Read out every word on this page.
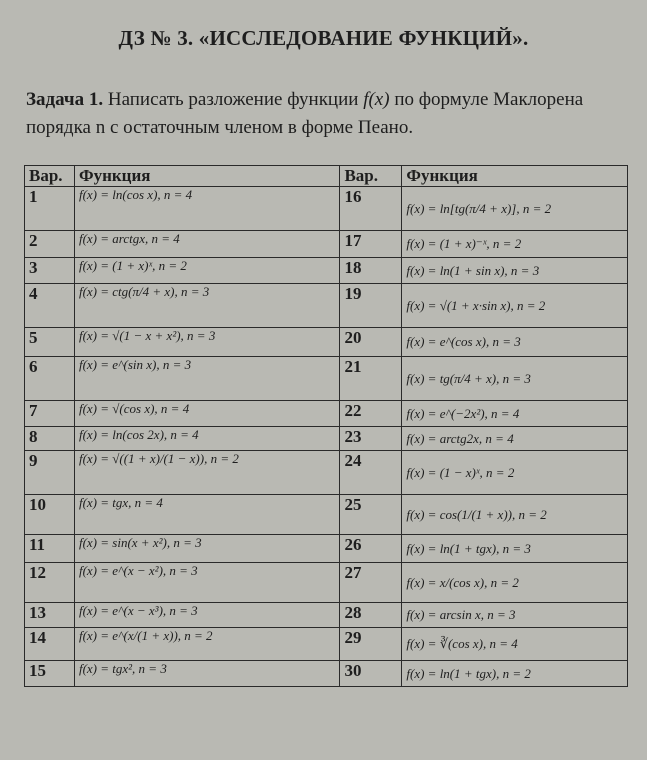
ДЗ № 3. «ИССЛЕДОВАНИЕ ФУНКЦИЙ».
Задача 1. Написать разложение функции f(x) по формуле Маклорена порядка n с остаточным членом в форме Пеано.
Вар.	Функция	Вар.	Функция
1	f(x) = ln(cos x), n = 4	16	f(x) = ln[tg(π/4 + x)], n = 2
2	f(x) = arctgx, n = 4	17	f(x) = (1 + x)⁻ˣ, n = 2
3	f(x) = (1 + x)ˣ, n = 2	18	f(x) = ln(1 + sin x), n = 3
4	f(x) = ctg(π/4 + x), n = 3	19	f(x) = √(1 + x·sin x), n = 2
5	f(x) = √(1 − x + x²), n = 3	20	f(x) = e^(cos x), n = 3
6	f(x) = e^(sin x), n = 3	21	f(x) = tg(π/4 + x), n = 3
7	f(x) = √(cos x), n = 4	22	f(x) = e^(−2x²), n = 4
8	f(x) = ln(cos 2x), n = 4	23	f(x) = arctg2x, n = 4
9	f(x) = √((1 + x)/(1 − x)), n = 2	24	f(x) = (1 − x)ˣ, n = 2
10	f(x) = tgx, n = 4	25	f(x) = cos(1/(1 + x)), n = 2
11	f(x) = sin(x + x²), n = 3	26	f(x) = ln(1 + tgx), n = 3
12	f(x) = e^(x − x²), n = 3	27	f(x) = x/(cos x), n = 2
13	f(x) = e^(x − x³), n = 3	28	f(x) = arcsin x, n = 3
14	f(x) = e^(x/(1 + x)), n = 2	29	f(x) = ∛(cos x), n = 4
15	f(x) = tgx², n = 3	30	f(x) = ln(1 + tgx), n = 2
